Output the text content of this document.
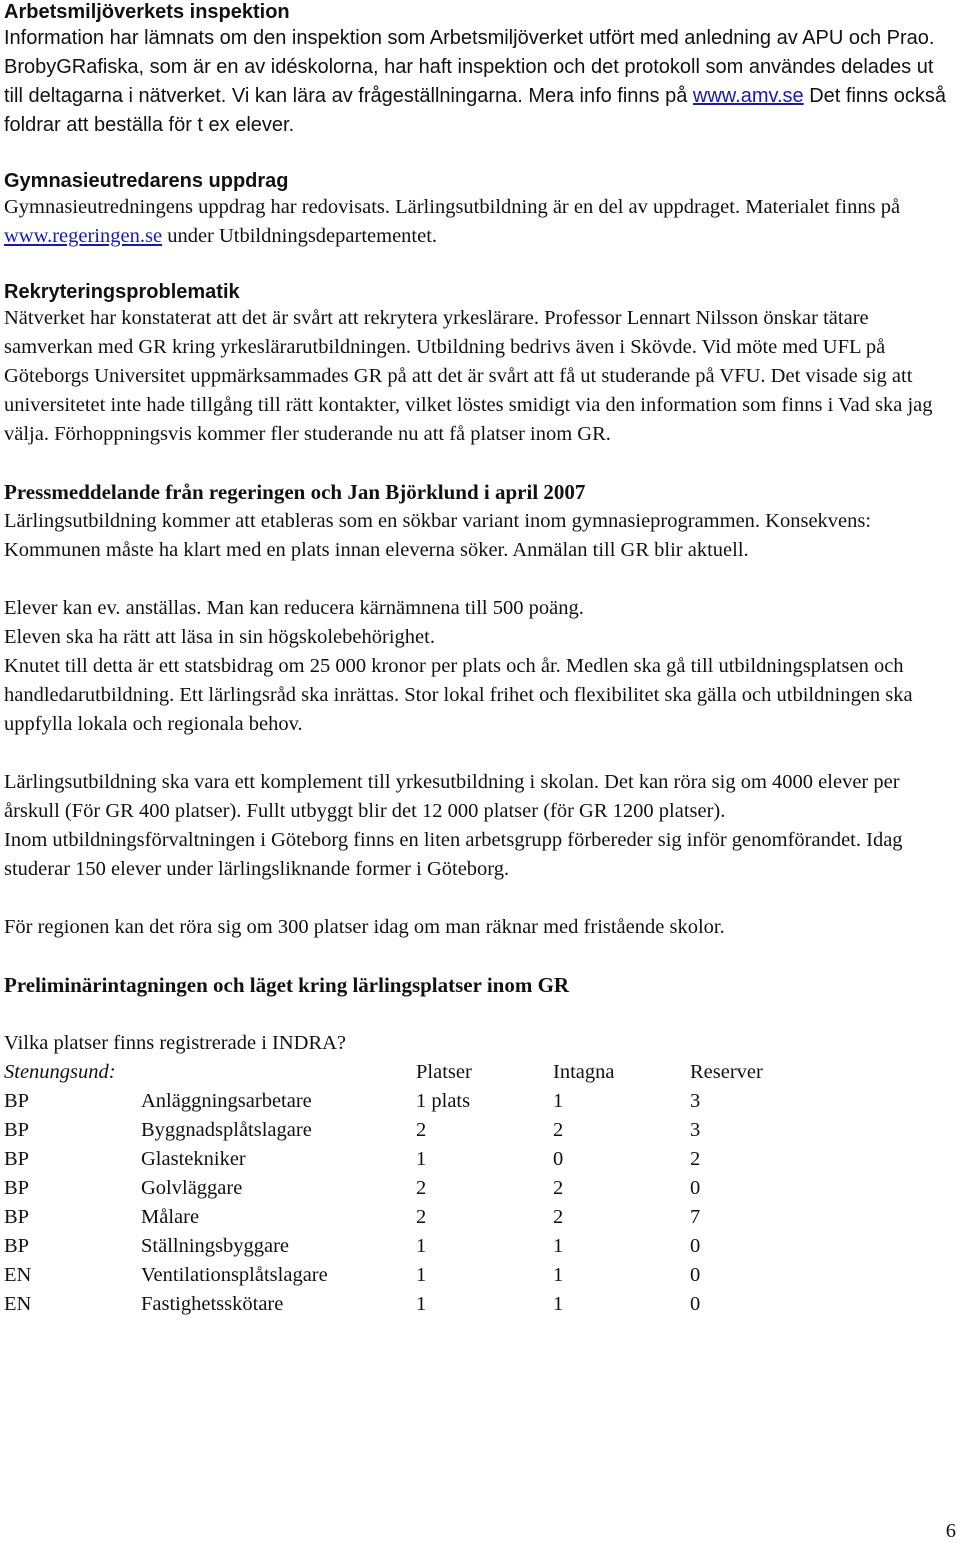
Arbetsmiljöverkets inspektion

Information har lämnats om den inspektion som Arbetsmiljöverket utfört med anledning av APU och Prao. BrobyGRafiska, som är en av idéskolorna, har haft inspektion och det protokoll som användes delades ut till deltagarna i nätverket. Vi kan lära av frågeställningarna. Mera info finns på www.amv.se Det finns också foldrar att beställa för t ex elever.

Gymnasieutredarens uppdrag

Gymnasieutredningens uppdrag har redovisats. Lärlingsutbildning är en del av uppdraget. Materialet finns på www.regeringen.se under Utbildningsdepartementet.

Rekryteringsproblematik

Nätverket har konstaterat att det är svårt att rekrytera yrkeslärare. Professor Lennart Nilsson önskar tätare samverkan med GR kring yrkeslärarutbildningen. Utbildning bedrivs även i Skövde. Vid möte med UFL på Göteborgs Universitet uppmärksammades GR på att det är svårt att få ut studerande på VFU. Det visade sig att universitetet inte hade tillgång till rätt kontakter, vilket löstes smidigt via den information som finns i Vad ska jag välja. Förhoppningsvis kommer fler studerande nu att få platser inom GR.

Pressmeddelande från regeringen och Jan Björklund i april 2007

Lärlingsutbildning kommer att etableras som en sökbar variant inom gymnasieprogrammen. Konsekvens: Kommunen måste ha klart med en plats innan eleverna söker. Anmälan till GR blir aktuell.

Elever kan ev. anställas. Man kan reducera kärnämnena till 500 poäng.

Eleven ska ha rätt att läsa in sin högskolebehörighet.

Knutet till detta är ett statsbidrag om 25 000 kronor per plats och år. Medlen ska gå till utbildningsplatsen och handledarutbildning. Ett lärlingsråd ska inrättas. Stor lokal frihet och flexibilitet ska gälla och utbildningen ska uppfylla lokala och regionala behov.

Lärlingsutbildning ska vara ett komplement till yrkesutbildning i skolan. Det kan röra sig om 4000 elever per årskull (För GR 400 platser). Fullt utbyggt blir det 12 000 platser (för GR 1200 platser).

Inom utbildningsförvaltningen i Göteborg finns en liten arbetsgrupp förbereder sig inför genomförandet. Idag studerar 150 elever under lärlingsliknande former i Göteborg.

För regionen kan det röra sig om 300 platser idag om man räknar med fristående skolor.

Preliminärintagningen och läget kring lärlingsplatser inom GR

Vilka platser finns registrerade i INDRA?

Stenungsund:		Platser	Intagna	Reserver
BP	Anläggningsarbetare	1 plats	1	3
BP	Byggnadsplåtslagare	2	2	3
BP	Glastekniker	1	0	2
BP	Golvläggare	2	2	0
BP	Målare	2	2	7
BP	Ställningsbyggare	1	1	0
EN	Ventilationsplåtslagare	1	1	0
EN	Fastighetsskötare	1	1	0
6
